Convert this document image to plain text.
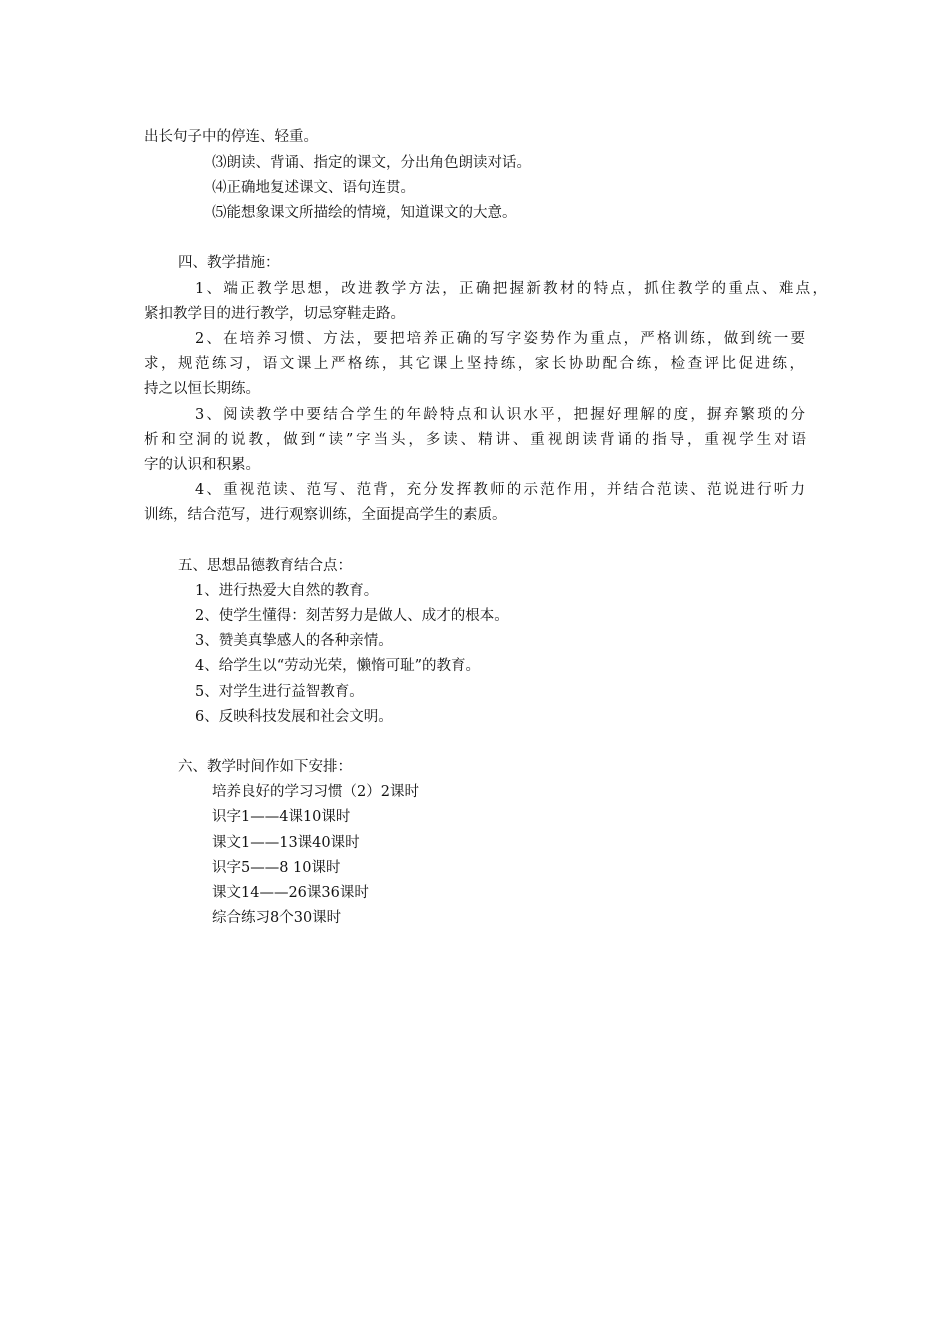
出长句子中的停连、轻重。
⑶朗读、背诵、指定的课文，分出角色朗读对话。
⑷正确地复述课文、语句连贯。
⑸能想象课文所描绘的情境，知道课文的大意。
四、教学措施：
1、端正教学思想，改进教学方法，正确把握新教材的特点，抓住教学的重点、难点，
紧扣教学目的进行教学，切忌穿鞋走路。
2、在培养习惯、方法，要把培养正确的写字姿势作为重点，严格训练，做到统一要
求，规范练习，语文课上严格练，其它课上坚持练，家长协助配合练，检查评比促进练，
持之以恒长期练。
3、阅读教学中要结合学生的年龄特点和认识水平，把握好理解的度，摒弃繁琐的分
析和空洞的说教，做到“读”字当头，多读、精讲、重视朗读背诵的指导，重视学生对语
字的认识和积累。
4、重视范读、范写、范背，充分发挥教师的示范作用，并结合范读、范说进行听力
训练，结合范写，进行观察训练，全面提高学生的素质。
五、思想品德教育结合点：
1、进行热爱大自然的教育。
2、使学生懂得：刻苦努力是做人、成才的根本。
3、赞美真挚感人的各种亲情。
4、给学生以“劳动光荣，懒惰可耻”的教育。
5、对学生进行益智教育。
6、反映科技发展和社会文明。
六、教学时间作如下安排：
培养良好的学习习惯（2）2课时
识字1——4课10课时
课文1——13课40课时
识字5——8 10课时
课文14——26课36课时
综合练习8个30课时
